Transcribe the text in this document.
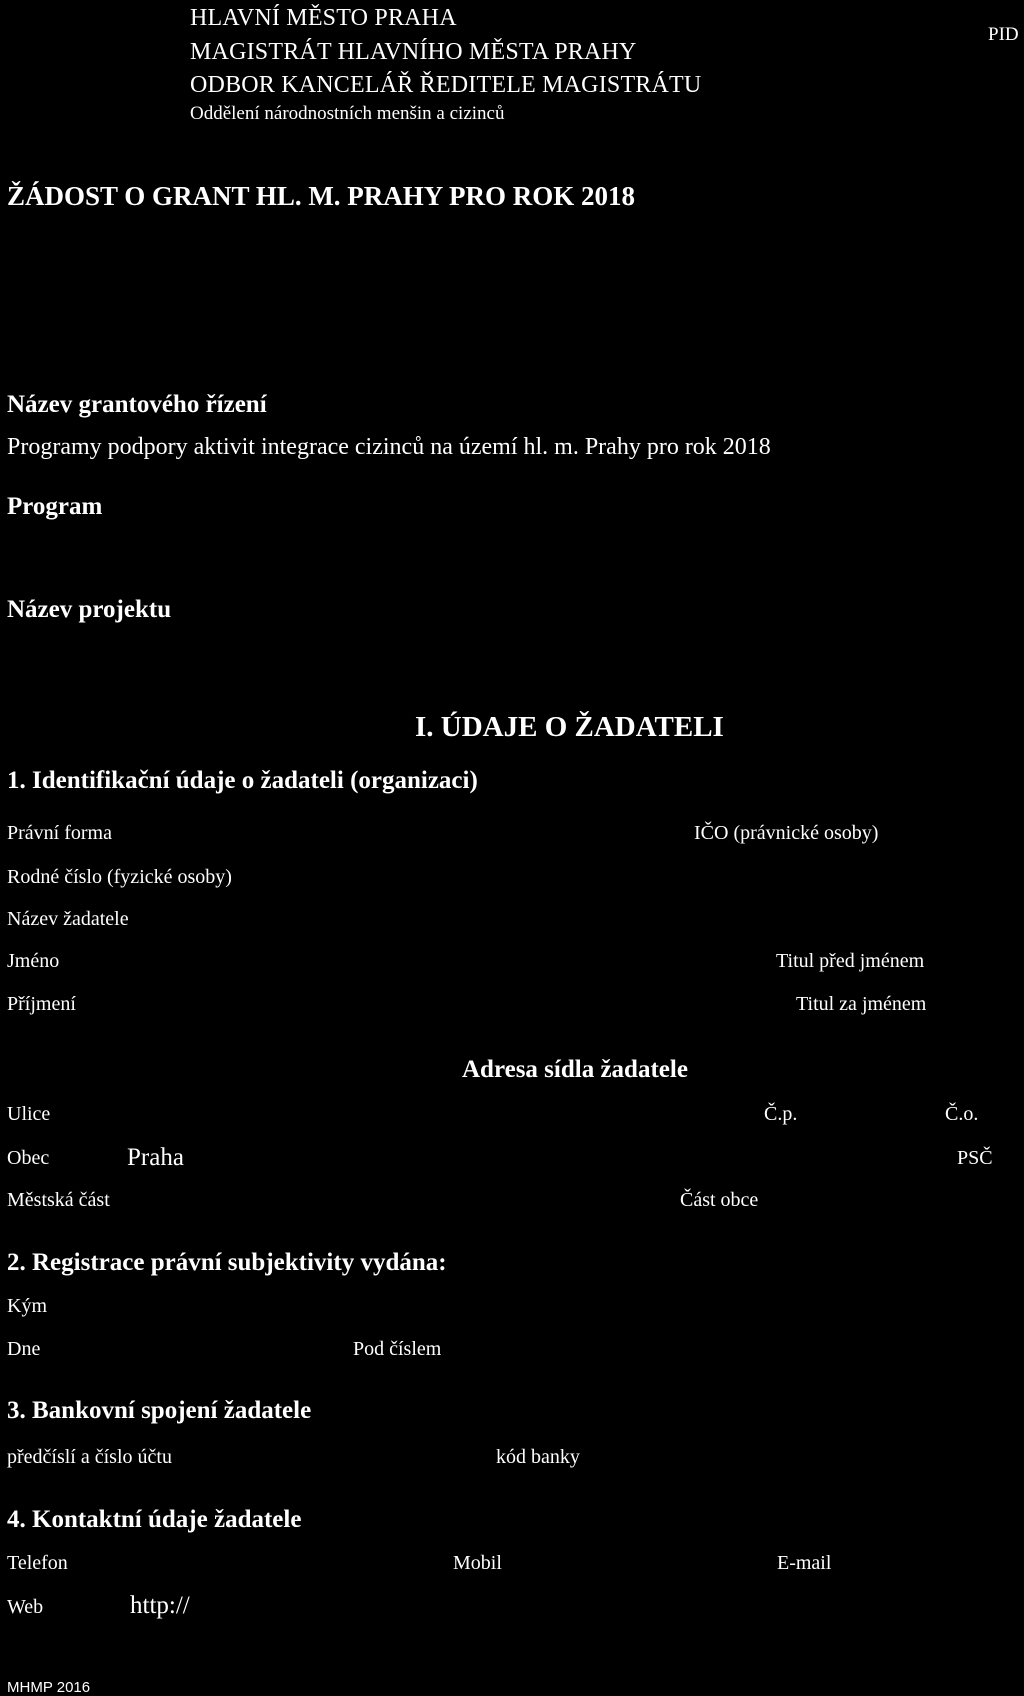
HLAVNÍ MĚSTO PRAHA
MAGISTRÁT HLAVNÍHO MĚSTA PRAHY
ODBOR KANCELÁŘ ŘEDITELE MAGISTRÁTU
Oddělení národnostních menšin a cizinců
PID
ŽÁDOST O GRANT HL. M. PRAHY PRO ROK 2018
Název grantového řízení
Programy podpory aktivit integrace cizinců na území hl. m. Prahy pro rok 2018
Program
Název projektu
I. ÚDAJE O ŽADATELI
1. Identifikační údaje o žadateli (organizaci)
Právní forma	IČO (právnické osoby)
Rodné číslo (fyzické osoby)
Název žadatele
Jméno	Titul před jménem
Příjmení	Titul za jménem
Adresa sídla žadatele
Ulice	Č.p.	Č.o.
Obec	Praha	PSČ
Městská část	Část obce
2. Registrace právní subjektivity vydána:
Kým
Dne	Pod číslem
3. Bankovní spojení žadatele
předčíslí a číslo účtu	kód banky
4. Kontaktní údaje žadatele
Telefon	Mobil	E-mail
Web	http://
MHMP 2016
